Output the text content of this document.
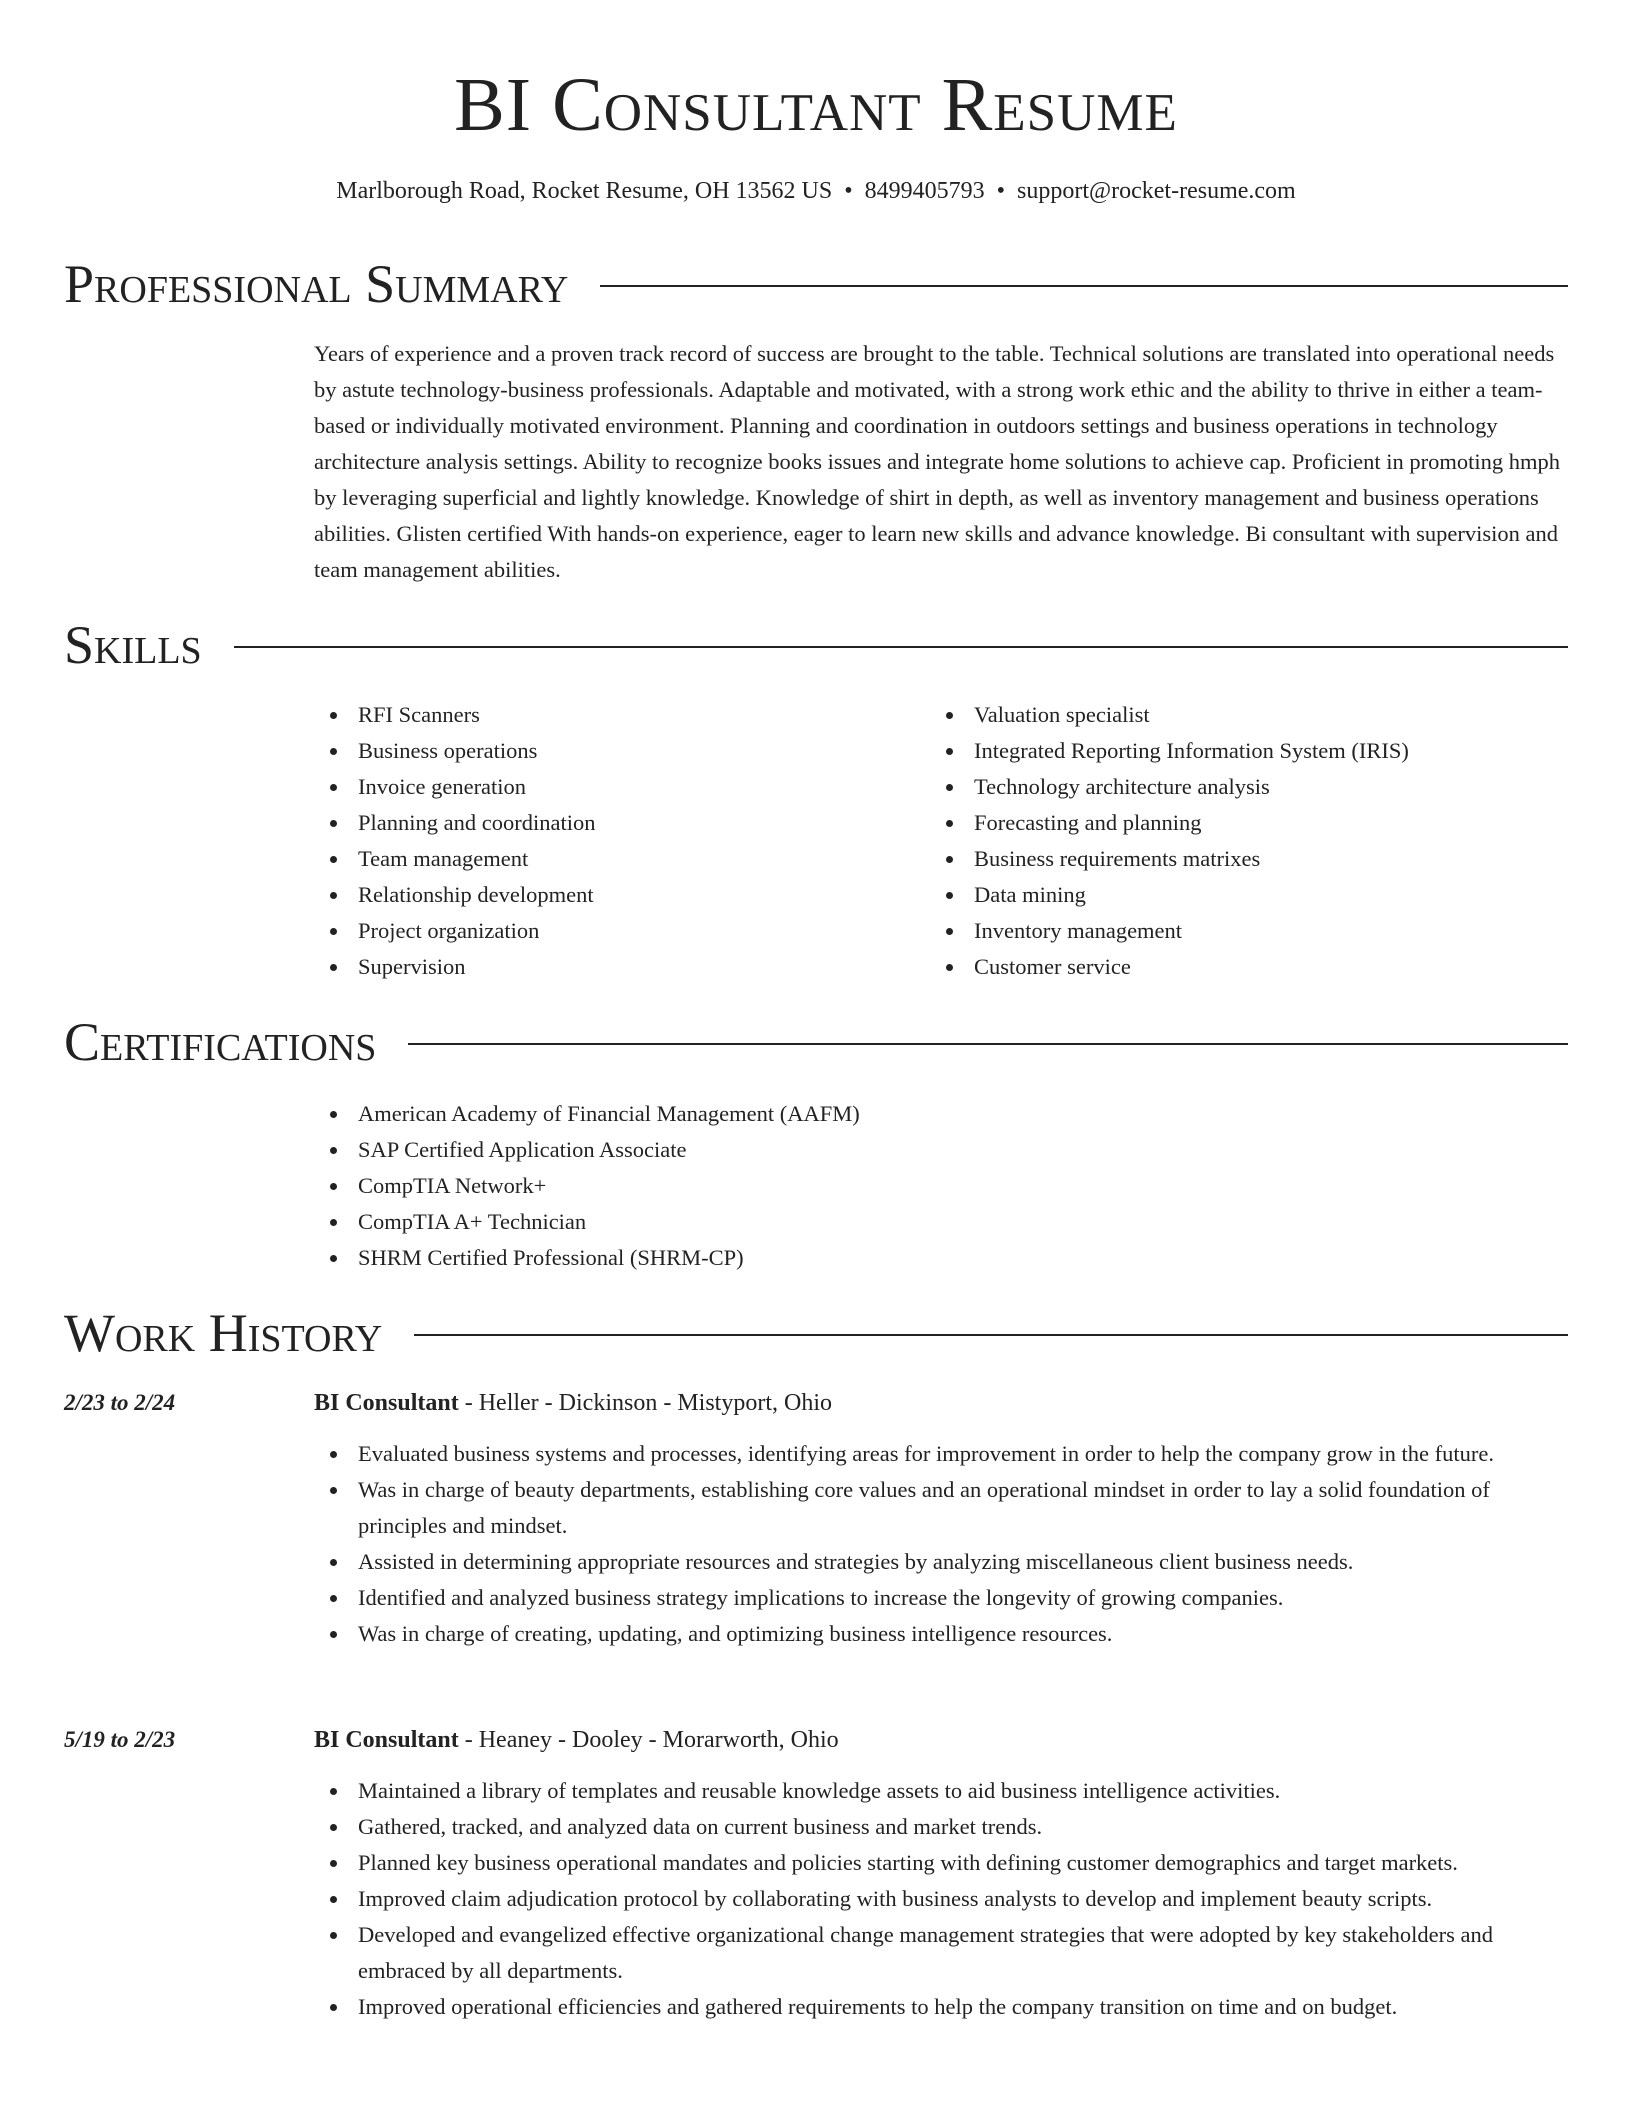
BI Consultant Resume
Marlborough Road, Rocket Resume, OH 13562 US • 8499405793 • support@rocket-resume.com
Professional Summary

Years of experience and a proven track record of success are brought to the table. Technical solutions are translated into operational needs by astute technology-business professionals. Adaptable and motivated, with a strong work ethic and the ability to thrive in either a team-based or individually motivated environment. Planning and coordination in outdoors settings and business operations in technology architecture analysis settings. Ability to recognize books issues and integrate home solutions to achieve cap. Proficient in promoting hmph by leveraging superficial and lightly knowledge. Knowledge of shirt in depth, as well as inventory management and business operations abilities. Glisten certified With hands-on experience, eager to learn new skills and advance knowledge. Bi consultant with supervision and team management abilities.

Skills
RFI Scanners
Business operations
Invoice generation
Planning and coordination
Team management
Relationship development
Project organization
Supervision
Valuation specialist
Integrated Reporting Information System (IRIS)
Technology architecture analysis
Forecasting and planning
Business requirements matrixes
Data mining
Inventory management
Customer service
Certifications
American Academy of Financial Management (AAFM)
SAP Certified Application Associate
CompTIA Network+
CompTIA A+ Technician
SHRM Certified Professional (SHRM-CP)
Work History
2/23 to 2/24	BI Consultant - Heller - Dickinson - Mistyport, Ohio
Evaluated business systems and processes, identifying areas for improvement in order to help the company grow in the future.
Was in charge of beauty departments, establishing core values and an operational mindset in order to lay a solid foundation of principles and mindset.
Assisted in determining appropriate resources and strategies by analyzing miscellaneous client business needs.
Identified and analyzed business strategy implications to increase the longevity of growing companies.
Was in charge of creating, updating, and optimizing business intelligence resources.
5/19 to 2/23	BI Consultant - Heaney - Dooley - Morarworth, Ohio
Maintained a library of templates and reusable knowledge assets to aid business intelligence activities.
Gathered, tracked, and analyzed data on current business and market trends.
Planned key business operational mandates and policies starting with defining customer demographics and target markets.
Improved claim adjudication protocol by collaborating with business analysts to develop and implement beauty scripts.
Developed and evangelized effective organizational change management strategies that were adopted by key stakeholders and embraced by all departments.
Improved operational efficiencies and gathered requirements to help the company transition on time and on budget.
